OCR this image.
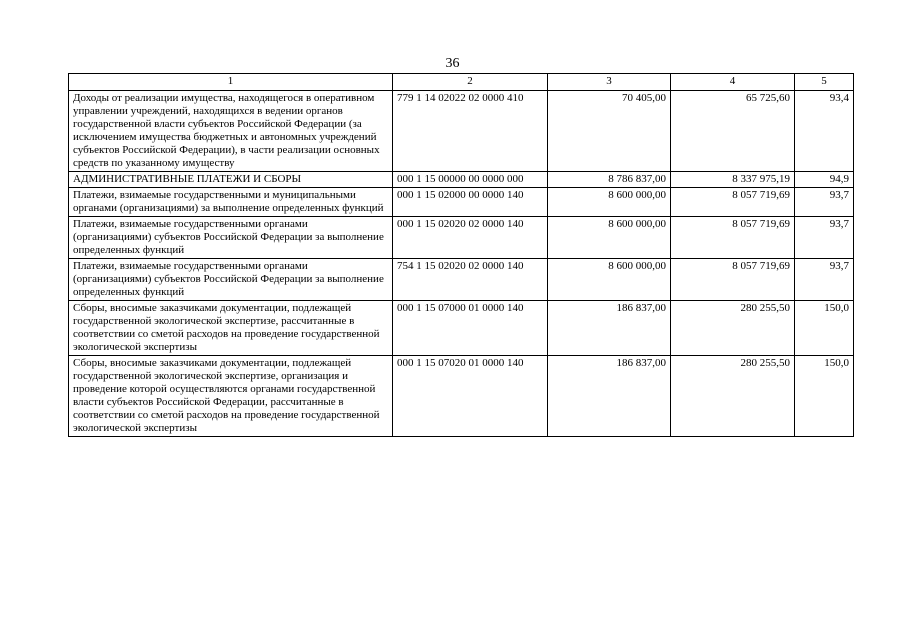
36
1	2	3	4	5
Доходы от реализации имущества, находящегося в оперативном управлении учреждений, находящихся в ведении органов государственной власти субъектов Российской Федерации (за исключением имущества бюджетных и автономных учреждений субъектов Российской Федерации), в части реализации основных средств по указанному имуществу	779 1 14 02022 02 0000 410	70 405,00	65 725,60	93,4
АДМИНИСТРАТИВНЫЕ ПЛАТЕЖИ И СБОРЫ	000 1 15 00000 00 0000 000	8 786 837,00	8 337 975,19	94,9
Платежи, взимаемые государственными и муниципальными органами (организациями) за выполнение определенных функций	000 1 15 02000 00 0000 140	8 600 000,00	8 057 719,69	93,7
Платежи, взимаемые государственными органами (организациями) субъектов Российской Федерации за выполнение определенных функций	000 1 15 02020 02 0000 140	8 600 000,00	8 057 719,69	93,7
Платежи, взимаемые государственными органами (организациями) субъектов Российской Федерации за выполнение определенных функций	754 1 15 02020 02 0000 140	8 600 000,00	8 057 719,69	93,7
Сборы, вносимые заказчиками документации, подлежащей государственной экологической экспертизе, рассчитанные в соответствии со сметой расходов на проведение государственной экологической экспертизы	000 1 15 07000 01 0000 140	186 837,00	280 255,50	150,0
Сборы, вносимые заказчиками документации, подлежащей государственной экологической экспертизе, организация и проведение которой осуществляются органами государственной власти субъектов Российской Федерации, рассчитанные в соответствии со сметой расходов на проведение государственной экологической экспертизы	000 1 15 07020 01 0000 140	186 837,00	280 255,50	150,0
